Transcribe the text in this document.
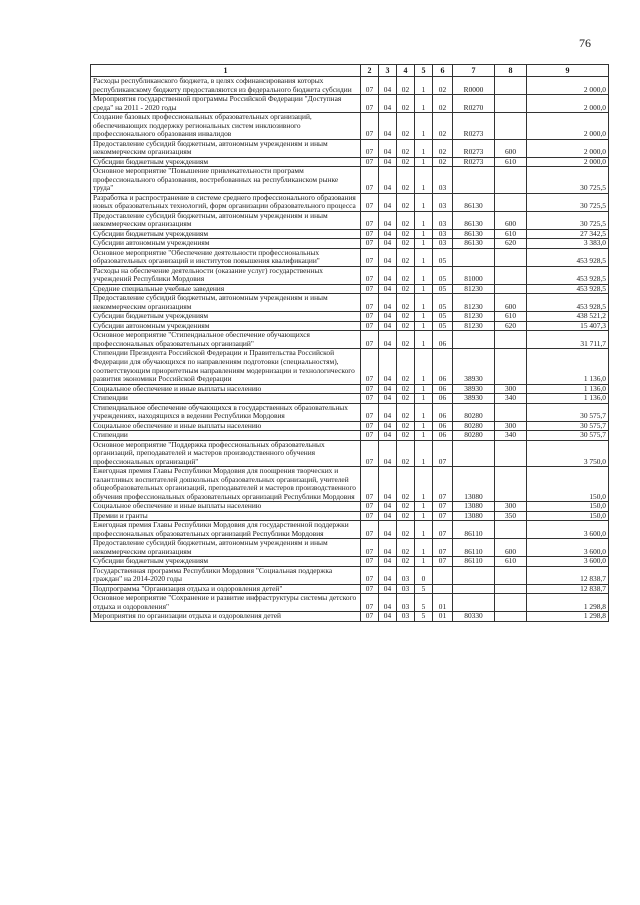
76
1	2	3	4	5	6	7	8	9
Расходы республиканского бюджета, в целях софинансирования которых республиканскому бюджету предоставляются из федерального бюджета субсидии	07	04	02	1	02	R0000		2 000,0
Мероприятия государственной программы Российской Федерации "Доступная среда" на 2011 - 2020 годы	07	04	02	1	02	R0270		2 000,0
Создание базовых профессиональных образовательных организаций, обеспечивающих поддержку региональных систем инклюзивного профессионального образования инвалидов	07	04	02	1	02	R0273		2 000,0
Предоставление субсидий бюджетным, автономным учреждениям и иным некоммерческим организациям	07	04	02	1	02	R0273	600	2 000,0
Субсидии бюджетным учреждениям	07	04	02	1	02	R0273	610	2 000,0
Основное мероприятие "Повышение привлекательности программ профессионального образования, востребованных на республиканском рынке труда"	07	04	02	1	03			30 725,5
Разработка и распространение в системе среднего профессионального образования новых образовательных технологий, форм организации образовательного процесса	07	04	02	1	03	86130		30 725,5
Предоставление субсидий бюджетным, автономным учреждениям и иным некоммерческим организациям	07	04	02	1	03	86130	600	30 725,5
Субсидии бюджетным учреждениям	07	04	02	1	03	86130	610	27 342,5
Субсидии автономным учреждениям	07	04	02	1	03	86130	620	3 383,0
Основное мероприятие "Обеспечение деятельности профессиональных образовательных организаций и институтов повышения квалификации"	07	04	02	1	05			453 928,5
Расходы на обеспечение деятельности (оказание услуг) государственных учреждений Республики Мордовия	07	04	02	1	05	81000		453 928,5
Средние специальные учебные заведения	07	04	02	1	05	81230		453 928,5
Предоставление субсидий бюджетным, автономным учреждениям и иным некоммерческим организациям	07	04	02	1	05	81230	600	453 928,5
Субсидии бюджетным учреждениям	07	04	02	1	05	81230	610	438 521,2
Субсидии автономным учреждениям	07	04	02	1	05	81230	620	15 407,3
Основное мероприятие "Стипендиальное обеспечение обучающихся профессиональных образовательных организаций"	07	04	02	1	06			31 711,7
Стипендии Президента Российской Федерации и Правительства Российской Федерации для обучающихся по направлениям подготовки (специальностям), соответствующим приоритетным направлениям модернизации и технологического развития экономики Российской Федерации	07	04	02	1	06	38930		1 136,0
Социальное обеспечение и иные выплаты населению	07	04	02	1	06	38930	300	1 136,0
Стипендии	07	04	02	1	06	38930	340	1 136,0
Стипендиальное обеспечение обучающихся в государственных образовательных учреждениях, находящихся в ведении Республики Мордовия	07	04	02	1	06	80280		30 575,7
Социальное обеспечение и иные выплаты населению	07	04	02	1	06	80280	300	30 575,7
Стипендии	07	04	02	1	06	80280	340	30 575,7
Основное мероприятие "Поддержка профессиональных образовательных организаций, преподавателей и мастеров производственного обучения профессиональных организаций"	07	04	02	1	07			3 750,0
Ежегодная премия Главы Республики Мордовия для поощрения творческих и талантливых воспитателей дошкольных образовательных организаций, учителей общеобразовательных организаций, преподавателей и мастеров производственного обучения профессиональных образовательных организаций Республики Мордовия	07	04	02	1	07	13080		150,0
Социальное обеспечение и иные выплаты населению	07	04	02	1	07	13080	300	150,0
Премии и гранты	07	04	02	1	07	13080	350	150,0
Ежегодная премия Главы Республики Мордовия для государственной поддержки профессиональных образовательных организаций Республики Мордовия	07	04	02	1	07	86110		3 600,0
Предоставление субсидий бюджетным, автономным учреждениям и иным некоммерческим организациям	07	04	02	1	07	86110	600	3 600,0
Субсидии бюджетным учреждениям	07	04	02	1	07	86110	610	3 600,0
Государственная программа Республики Мордовия "Социальная поддержка граждан" на 2014-2020 годы	07	04	03	0				12 838,7
Подпрограмма "Организация отдыха и оздоровления детей"	07	04	03	5				12 838,7
Основное мероприятие "Сохранение и развитие инфраструктуры системы детского отдыха и оздоровления"	07	04	03	5	01			1 298,8
Мероприятия по организации отдыха и оздоровления детей	07	04	03	5	01	80330		1 298,8
